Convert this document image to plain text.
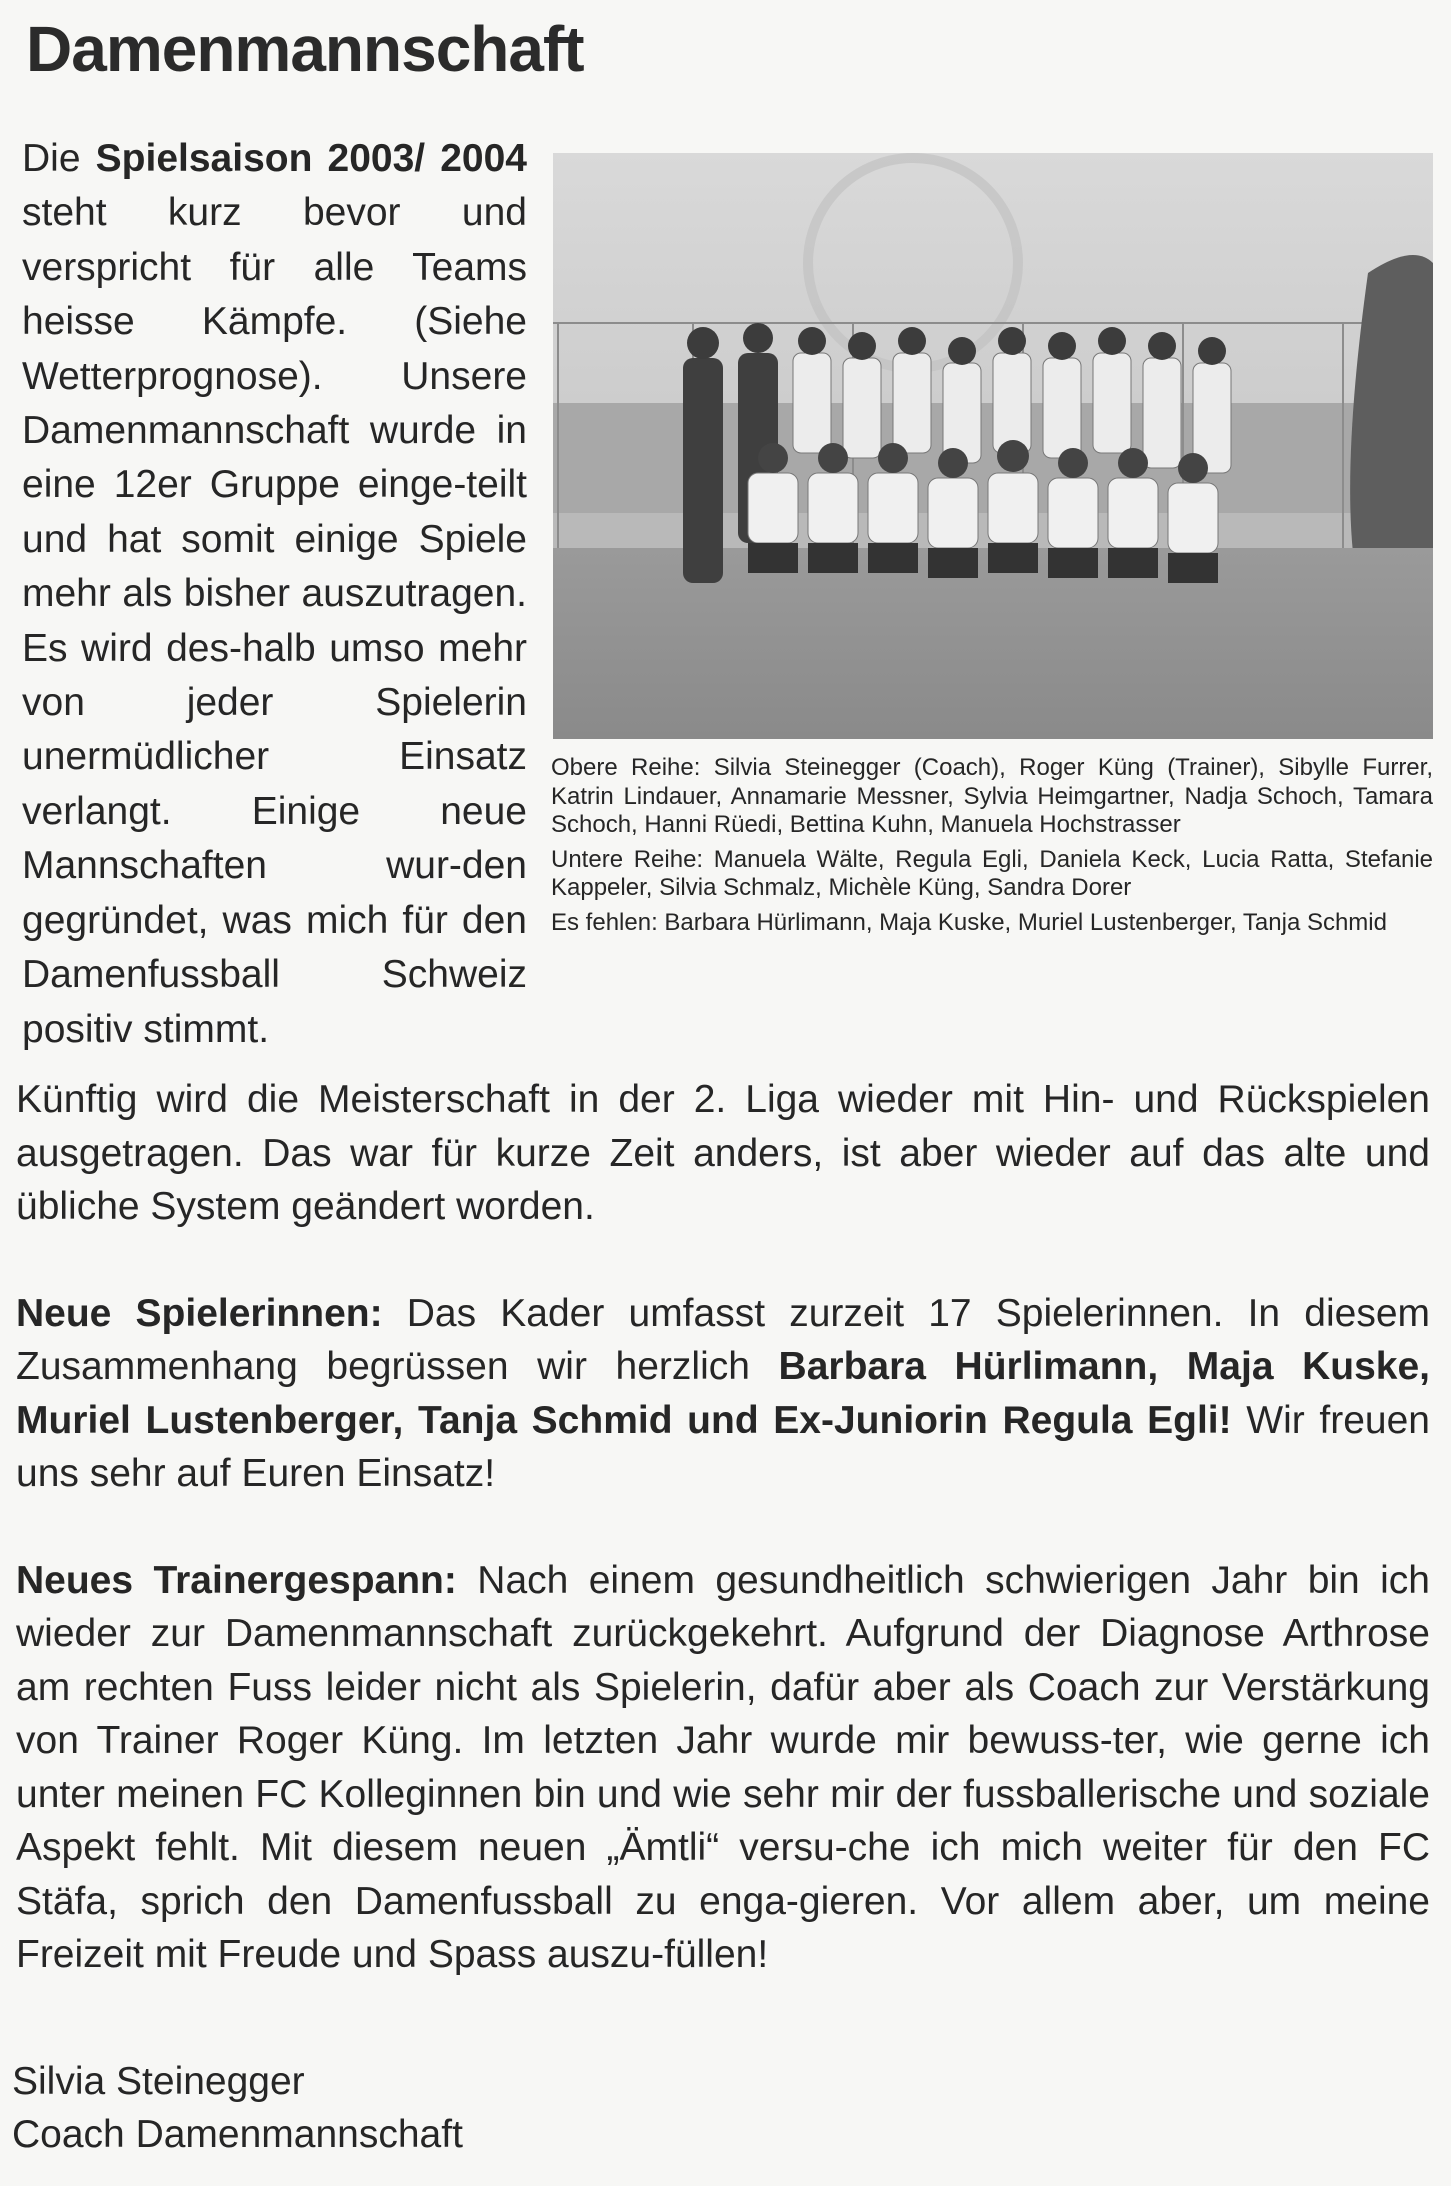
Damenmannschaft
Die Spielsaison 2003/ 2004 steht kurz bevor und verspricht für alle Teams heisse Kämpfe. (Siehe Wetterprognose). Unsere Damenmannschaft wurde in eine 12er Gruppe einge-teilt und hat somit einige Spiele mehr als bisher auszutragen. Es wird des-halb umso mehr von jeder Spielerin unermüdlicher Einsatz verlangt. Einige neue Mannschaften wur-den gegründet, was mich für den Damenfussball Schweiz positiv stimmt.

Obere Reihe: Silvia Steinegger (Coach), Roger Küng (Trainer), Sibylle Furrer, Katrin Lindauer, Annamarie Messner, Sylvia Heimgartner, Nadja Schoch, Tamara Schoch, Hanni Rüedi, Bettina Kuhn, Manuela Hochstrasser

Untere Reihe: Manuela Wälte, Regula Egli, Daniela Keck, Lucia Ratta, Stefanie Kappeler, Silvia Schmalz, Michèle Küng, Sandra Dorer

Es fehlen: Barbara Hürlimann, Maja Kuske, Muriel Lustenberger, Tanja Schmid

Künftig wird die Meisterschaft in der 2. Liga wieder mit Hin- und Rückspielen ausgetragen. Das war für kurze Zeit anders, ist aber wieder auf das alte und übliche System geändert worden.

Neue Spielerinnen: Das Kader umfasst zurzeit 17 Spielerinnen. In diesem Zusammenhang begrüssen wir herzlich Barbara Hürlimann, Maja Kuske, Muriel Lustenberger, Tanja Schmid und Ex-Juniorin Regula Egli! Wir freuen uns sehr auf Euren Einsatz!

Neues Trainergespann: Nach einem gesundheitlich schwierigen Jahr bin ich wieder zur Damenmannschaft zurückgekehrt. Aufgrund der Diagnose Arthrose am rechten Fuss leider nicht als Spielerin, dafür aber als Coach zur Verstärkung von Trainer Roger Küng. Im letzten Jahr wurde mir bewuss-ter, wie gerne ich unter meinen FC Kolleginnen bin und wie sehr mir der fussballerische und soziale Aspekt fehlt. Mit diesem neuen „Ämtli“ versu-che ich mich weiter für den FC Stäfa, sprich den Damenfussball zu enga-gieren. Vor allem aber, um meine Freizeit mit Freude und Spass auszu-füllen!

Silvia Steinegger
Coach Damenmannschaft
